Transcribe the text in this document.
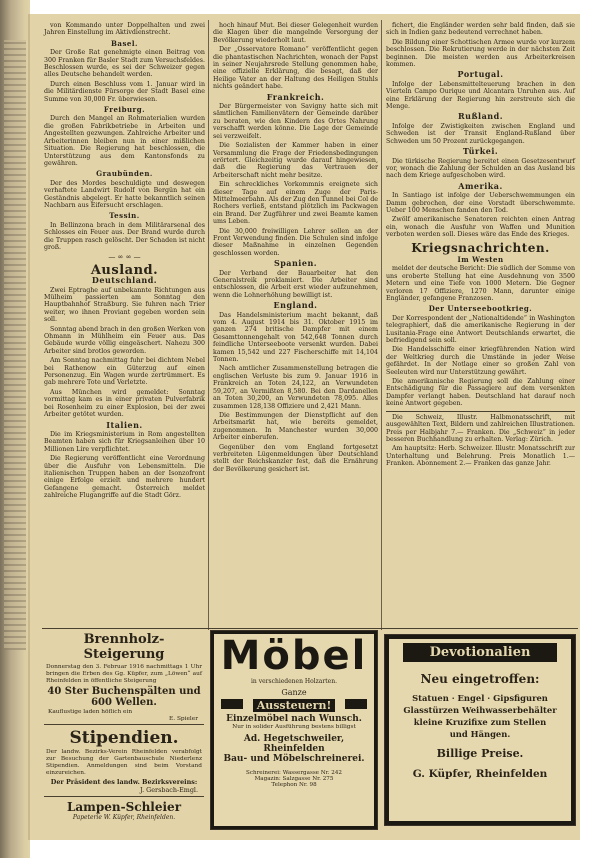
von Kommando unter Doppelhalten und zwei Jahren Einstellung im Aktivdienstrecht.

Basel.

Der Große Rat genehmigte einen Beitrag von 300 Franken für Basler Stadt zum Versuchsfeldes. Beschlossen wurde, es sei der Schweizer gegen alles Deutsche behandelt werden.

Durch einen Beschluss vom 1. Januar wird in die Militärdienste Fürsorge der Stadt Basel eine Summe von 30,000 Fr. überwiesen.

Freiburg.

Durch den Mangel an Rohmaterialien wurden die großen Fabrikbetriebe in Arbeiten und Angestellten gezwungen. Zahlreiche Arbeiter und Arbeiterinnen bleiben nun in einer mißlichen Situation. Die Regierung hat beschlossen, die Unterstützung aus dem Kantonsfonds zu gewähren.

Graubünden.

Der des Mordes beschuldigte und deswegen verhaftete Landwirt Rudolf von Bergün hat ein Geständnis abgelegt. Er hatte bekanntlich seinen Nachbarn aus Eifersucht erschlagen.

Tessin.

In Bellinzona brach in dem Militärarsenal des Schlosses ein Feuer aus. Der Brand wurde durch die Truppen rasch gelöscht. Der Schaden ist nicht groß.

— ∞ ∞ —
Ausland.
Deutschland.

Zwei Eptraghe auf unbekannte Richtungen aus Mülheim passierten am Sonntag den Hauptbahnhof Straßburg. Sie fuhren nach Trier weiter, wo ihnen Proviant gegeben worden sein soll.

Sonntag abend brach in den großen Werken von Ohmann in Mühlheim ein Feuer aus. Das Gebäude wurde völlig eingeäschert. Nahezu 300 Arbeiter sind brotlos geworden.

Am Sonntag nachmittag fuhr bei dichtem Nebel bei Rathenow ein Güterzug auf einen Personenzug. Ein Wagen wurde zertrümmert. Es gab mehrere Tote und Verletzte.

Aus München wird gemeldet: Sonntag vormittag kam es in einer privaten Pulverfabrik bei Rosenheim zu einer Explosion, bei der zwei Arbeiter getötet wurden.

Italien.

Die im Kriegsministerium in Rom angestellten Beamten haben sich für Kriegsanleihen über 10 Millionen Lire verpflichtet.

Die Regierung veröffentlicht eine Verordnung über die Ausfuhr von Lebensmitteln. Die italienischen Truppen haben an der Isonzofront einige Erfolge erzielt und mehrere hundert Gefangene gemacht. Österreich meldet zahlreiche Flugangriffe auf die Stadt Görz.

hoch hinauf Mut. Bei dieser Gelegenheit wurden die Klagen über die mangelnde Versorgung der Bevölkerung wiederholt laut.

Der „Osservatore Romano“ veröffentlicht gegen die phantastischen Nachrichten, wonach der Papst in seiner Neujahrsrede Stellung genommen habe, eine offizielle Erklärung, die besagt, daß der Heilige Vater an der Haltung des Heiligen Stuhls nichts geändert habe.

Frankreich.

Der Bürgermeister von Savigny hatte sich mit sämtlichen Familienvätern der Gemeinde darüber zu beraten, wie den Kindern des Ortes Nahrung verschafft werden könne. Die Lage der Gemeinde sei verzweifelt.

Die Sozialisten der Kammer haben in einer Versammlung die Frage der Friedensbedingungen erörtert. Gleichzeitig wurde darauf hingewiesen, daß die Regierung das Vertrauen der Arbeiterschaft nicht mehr besitze.

Ein schreckliches Vorkommnis ereignete sich dieser Tage auf einem Zuge der Paris-Mittelmeerbahn. Als der Zug den Tunnel bei Col de Rochers verließ, entstand plötzlich im Packwagen ein Brand. Der Zugführer und zwei Beamte kamen ums Leben.

Die 30,000 freiwilligen Lehrer sollen an der Front Verwendung finden. Die Schulen sind infolge dieser Maßnahme in einzelnen Gegenden geschlossen worden.

Spanien.

Der Verband der Bauarbeiter hat den Generalstreik proklamiert. Die Arbeiter sind entschlossen, die Arbeit erst wieder aufzunehmen, wenn die Lohnerhöhung bewilligt ist.

England.

Das Handelsministerium macht bekannt, daß vom 4. August 1914 bis 31. Oktober 1915 im ganzen 274 britische Dampfer mit einem Gesamttonnengehalt von 542,648 Tonnen durch feindliche Unterseeboote versenkt wurden. Dabei kamen 15,542 und 227 Fischerschiffe mit 14,104 Tonnen.

Nach amtlicher Zusammenstellung betragen die englischen Verluste bis zum 9. Januar 1916 in Frankreich an Toten 24,122, an Verwundeten 59,207, an Vermißten 8,580. Bei den Dardanellen an Toten 30,200, an Verwundeten 78,095. Alles zusammen 128,138 Offiziere und 2,421 Mann.

Die Bestimmungen der Dienstpflicht auf den Arbeitsmarkt hat, wie bereits gemeldet, zugenommen. In Manchester wurden 30,000 Arbeiter einberufen.

Gegenüber den vom England fortgesetzt verbreiteten Lügenmeldungen über Deutschland stellt der Reichskanzler fest, daß die Ernährung der Bevölkerung gesichert ist.

fichert, die Engländer werden sehr bald finden, daß sie sich in Indien ganz bedeutend verrechnet haben.

Die Bildung einer Schottischen Armee wurde vor kurzem beschlossen. Die Rekrutierung werde in der nächsten Zeit beginnen. Die meisten werden aus Arbeiterkreisen kommen.

Portugal.

Infolge der Lebensmittelteuerung brachen in den Vierteln Campo Ourique und Alcantara Unruhen aus. Auf eine Erklärung der Regierung hin zerstreute sich die Menge.

Rußland.

Infolge der Zwistigkeiten zwischen England und Schweden ist der Transit England-Rußland über Schweden um 50 Prozent zurückgegangen.

Türkei.

Die türkische Regierung bereitet einen Gesetzesentwurf vor, wonach die Zahlung der Schulden an das Ausland bis nach dem Kriege aufgeschoben wird.

Amerika.

In Santiago ist infolge der Ueberschwemmungen ein Damm gebrochen, der eine Vorstadt überschwemmte. Ueber 100 Menschen fanden den Tod.

Zwölf amerikanische Senatoren reichten einen Antrag ein, wonach die Ausfuhr von Waffen und Munition verboten werden soll. Dieses wäre das Ende des Krieges.

Kriegsnachrichten.
Im Westen

meldet der deutsche Bericht: Die südlich der Somme von uns eroberte Stellung hat eine Ausdehnung von 3500 Metern und eine Tiefe von 1000 Metern. Die Gegner verloren 17 Offiziere, 1270 Mann, darunter einige Engländer, gefangene Franzosen.

Der Unterseebootkrieg.

Der Korrespondent der „Nationaltidende“ in Washington telegraphiert, daß die amerikanische Regierung in der Lusitania-Frage eine Antwort Deutschlands erwartet, die befriedigend sein soll.

Die Handelsschiffe einer kriegführenden Nation wird der Weltkrieg durch die Umstände in jeder Weise gefährdet. In der Notlage einer so großen Zahl von Seeleuten wird nur Unterstützung gewährt.

Die amerikanische Regierung soll die Zahlung einer Entschädigung für die Passagiere auf dem versenkten Dampfer verlangt haben. Deutschland hat darauf noch keine Antwort gegeben.

Die Schweiz, Illustr. Halbmonatsschrift, mit ausgewählten Text, Bildern und zahlreichen Illustrationen. Preis per Halbjahr 7.— Franken. Die „Schweiz“ in jeder besseren Buchhandlung zu erhalten. Verlag: Zürich.

Am hauptsitz: Herb. Schweizer. Illustr. Monatsschrift zur Unterhaltung und Belehrung. Preis Monatlich 1.— Franken. Abonnement 2.— Franken das ganze Jahr.

Brennholz-Steigerung
Donnerstag den 3. Februar 1916 nachmittags 1 Uhr bringen die Erben des Gg. Küpfer, zum „Löwen“ auf Rheinfelden in öffentliche Steigerung
40 Ster Buchenspälten und
600 Wellen.
Kauflustige laden höflich ein
E. Spieler
Stipendien.
Der landw. Bezirks-Verein Rheinfelden verabfolgt zur Besuchung der Gartenbauschule Niederlenz Stipendien. Anmeldungen sind beim Vorstand einzureichen.
Der Präsident des landw. Bezirksvereins:
J. Gersbach-Emgl.
Lampen-Schleier
Papeterie W. Küpfer, Rheinfelden.
Möbel
in verschiedenen Holzarten.
Ganze
Aussteuern!
Einzelmöbel nach Wunsch.
Nur in solider Ausführung bestens billigst
Ad. Hegetschweiler, Rheinfelden
Bau- und Möbelschreinerei.
Schreinerei: Wassergasse Nr. 242
Magazin: Salzgasse Nr. 275
Telephon Nr. 98
Devotionalien
Neu eingetroffen:
Statuen · Engel · Gipsfiguren
Glasstürzen Weihwasserbehälter
kleine Kruzifixe zum Stellen
und Hängen.
Billige Preise.
G. Küpfer, Rheinfelden
